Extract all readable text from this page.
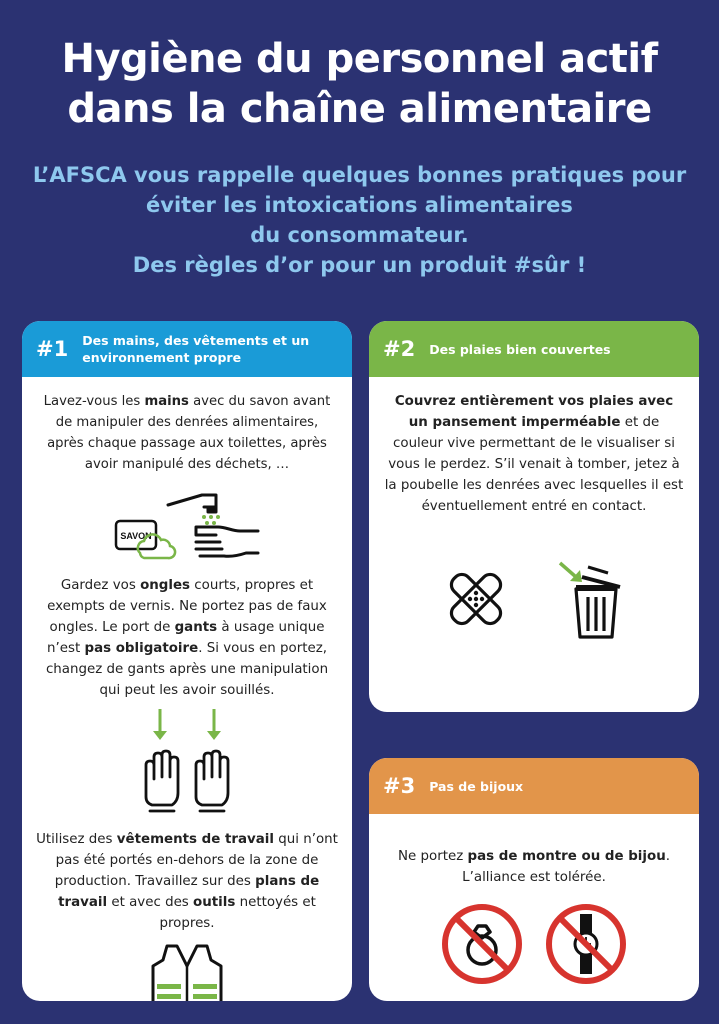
Hygiène du personnel actif
dans la chaîne alimentaire
L’AFSCA vous rappelle quelques bonnes pratiques pour
éviter les intoxications alimentaires
du consommateur.
Des règles d’or pour un produit #sûr !
#1 Des mains, des vêtements et un
environnement propre

Lavez-vous les mains avec du savon avant de manipuler des denrées alimentaires, après chaque passage aux toilettes, après avoir manipulé des déchets, …

SAVON

Gardez vos ongles courts, propres et exempts de vernis. Ne portez pas de faux ongles. Le port de gants à usage unique n’est pas obligatoire. Si vous en portez, changez de gants après une manipulation qui peut les avoir souillés.

Utilisez des vêtements de travail qui n’ont pas été portés en-dehors de la zone de production. Travaillez sur des plans de travail et avec des outils nettoyés et propres.

#2 Des plaies bien couvertes

Couvrez entièrement vos plaies avec un pansement imperméable et de couleur vive permettant de le visualiser si vous le perdez. S’il venait à tomber, jetez à la poubelle les denrées avec lesquelles il est éventuellement entré en contact.

#3 Pas de bijoux

Ne portez pas de montre ou de bijou.
L’alliance est tolérée.
